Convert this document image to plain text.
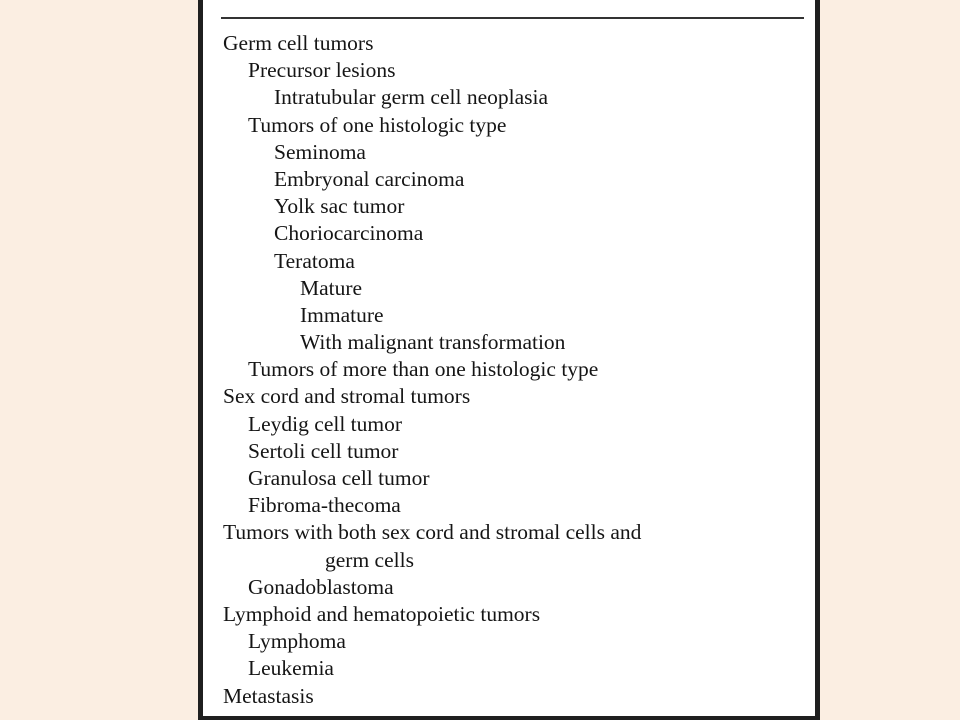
Germ cell tumors
Precursor lesions
Intratubular germ cell neoplasia
Tumors of one histologic type
Seminoma
Embryonal carcinoma
Yolk sac tumor
Choriocarcinoma
Teratoma
Mature
Immature
With malignant transformation
Tumors of more than one histologic type
Sex cord and stromal tumors
Leydig cell tumor
Sertoli cell tumor
Granulosa cell tumor
Fibroma-thecoma
Tumors with both sex cord and stromal cells and
germ cells
Gonadoblastoma
Lymphoid and hematopoietic tumors
Lymphoma
Leukemia
Metastasis
